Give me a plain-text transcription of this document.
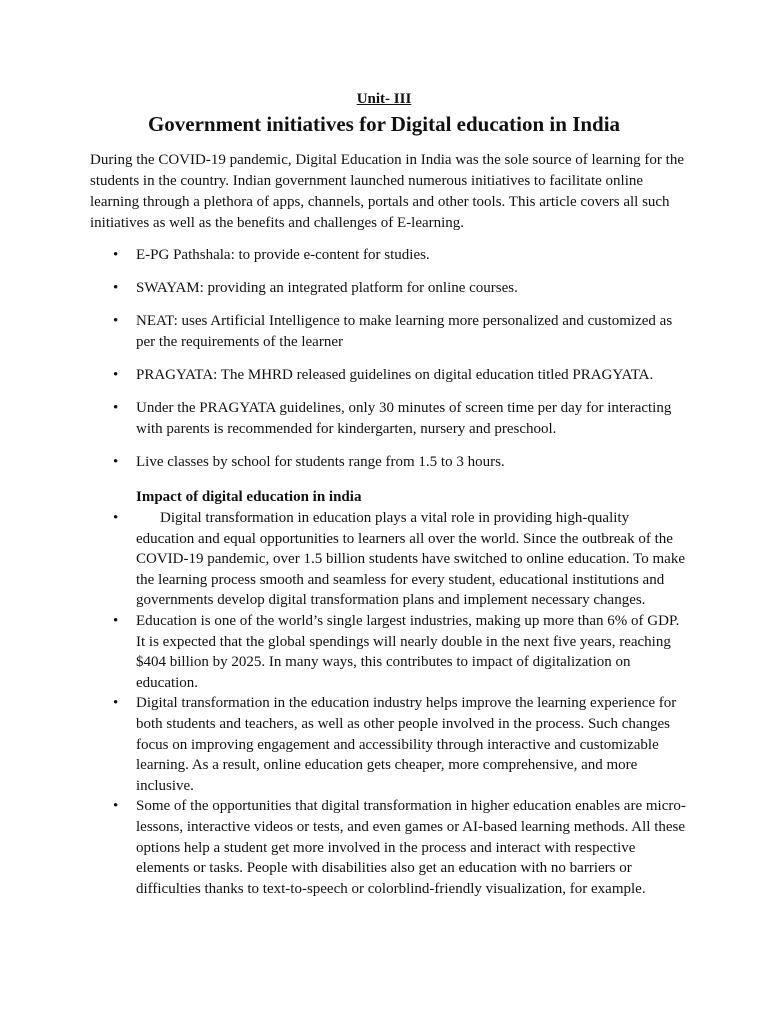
Unit- III
Government initiatives for Digital education in India

During the COVID-19 pandemic, Digital Education in India was the sole source of learning for the students in the country. Indian government launched numerous initiatives to facilitate online learning through a plethora of apps, channels, portals and other tools. This article covers all such initiatives as well as the benefits and challenges of E-learning.

• E-PG Pathshala: to provide e-content for studies.
• SWAYAM: providing an integrated platform for online courses.
• NEAT: uses Artificial Intelligence to make learning more personalized and customized as per the requirements of the learner
• PRAGYATA: The MHRD released guidelines on digital education titled PRAGYATA.
• Under the PRAGYATA guidelines, only 30 minutes of screen time per day for interacting with parents is recommended for kindergarten, nursery and preschool.
• Live classes by school for students range from 1.5 to 3 hours.
Impact of digital education in india
•	Digital transformation in education plays a vital role in providing high-quality education and equal opportunities to learners all over the world. Since the outbreak of the COVID-19 pandemic, over 1.5 billion students have switched to online education. To make the learning process smooth and seamless for every student, educational institutions and governments develop digital transformation plans and implement necessary changes.
• Education is one of the world’s single largest industries, making up more than 6% of GDP. It is expected that the global spendings will nearly double in the next five years, reaching $404 billion by 2025. In many ways, this contributes to impact of digitalization on education.
• Digital transformation in the education industry helps improve the learning experience for both students and teachers, as well as other people involved in the process. Such changes focus on improving engagement and accessibility through interactive and customizable learning. As a result, online education gets cheaper, more comprehensive, and more inclusive.
• Some of the opportunities that digital transformation in higher education enables are micro-lessons, interactive videos or tests, and even games or AI-based learning methods. All these options help a student get more involved in the process and interact with respective elements or tasks. People with disabilities also get an education with no barriers or difficulties thanks to text-to-speech or colorblind-friendly visualization, for example.
